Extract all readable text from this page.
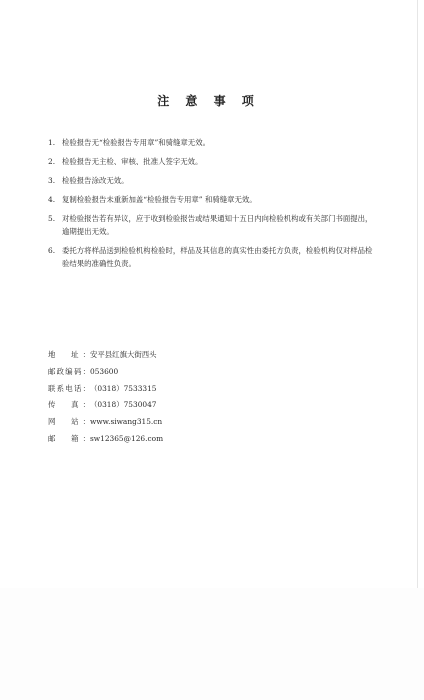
注 意 事 项
1. 检验报告无“检验报告专用章”和骑缝章无效。
2. 检验报告无主检、审核、批准人签字无效。
3. 检验报告涂改无效。
4. 复制检验报告未重新加盖“检验报告专用章” 和骑缝章无效。
5. 对检验报告若有异议，应于收到检验报告或结果通知十五日内向检验机构或有关部门书面提出，逾期提出无效。
6. 委托方将样品送到检验机构检验时，样品及其信息的真实性由委托方负责，检验机构仅对样品检验结果的准确性负责。
地　址：安平县红旗大街西头
邮政编码：053600
联系电话：（0318）7533315
传　真：（0318）7530047
网　站：www.siwang315.cn
邮　箱：sw12365@126.com
